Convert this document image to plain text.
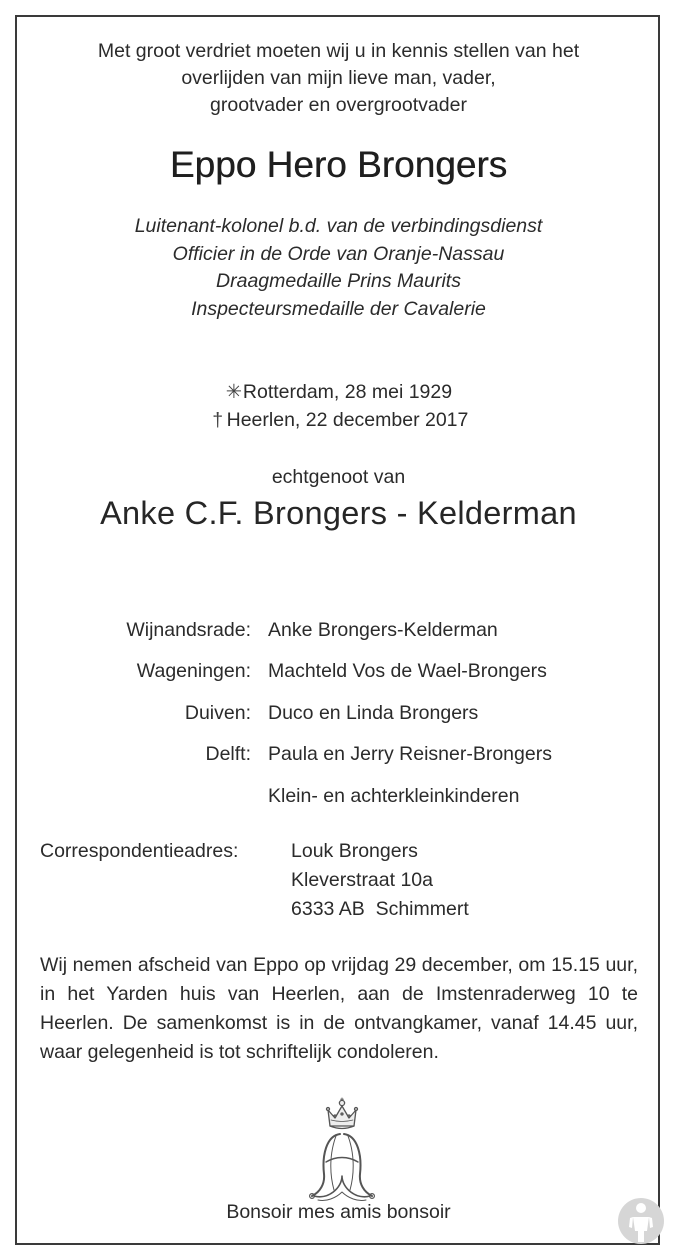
Met groot verdriet moeten wij u in kennis stellen van het
overlijden van mijn lieve man, vader,
grootvader en overgrootvader
Eppo Hero Brongers
Luitenant-kolonel b.d. van de verbindingsdienst
Officier in de Orde van Oranje-Nassau
Draagmedaille Prins Maurits
Inspecteursmedaille der Cavalerie
✳Rotterdam, 28 mei 1929
† Heerlen, 22 december 2017
echtgenoot van
Anke C.F. Brongers - Kelderman
Wijnandsrade: Anke Brongers-Kelderman
Wageningen: Machteld Vos de Wael-Brongers
Duiven: Duco en Linda Brongers
Delft: Paula en Jerry Reisner-Brongers
Klein- en achterkleinkinderen
Correspondentieadres:	Louk Brongers
Kleverstraat 10a
6333 AB  Schimmert

Wij nemen afscheid van Eppo op vrijdag 29 december, om 15.15 uur, in het Yarden huis van Heerlen, aan de Imstenraderweg 10 te Heerlen. De samenkomst is in de ontvangkamer, vanaf 14.45 uur, waar gelegenheid is tot schriftelijk condoleren.

Bonsoir mes amis bonsoir
